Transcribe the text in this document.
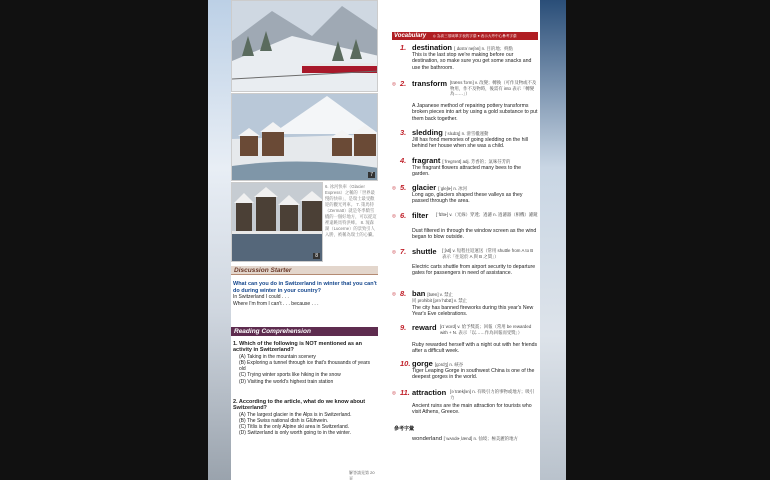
7
8
6. 冰河快車（Glacier Express）之稱的「世界最慢的快車」，是瑞士最受歡迎的觀光列車。 7. 策馬特（Zermatt）就是冬季騎雪橇的一個好地方，可以從這裡遠眺馬特洪峰。 8. 琉森湖（Lucerne）的景致引人入勝，被稱為瑞士的心臟。
Discussion Starter
What can you do in Switzerland in winter that you can't do during winter in your country?
In Switzerland I could . . .
Where I'm from I can't . . . because . . .
Reading Comprehension
1. Which of the following is NOT mentioned as an activity in Switzerland?
(A) Taking in the mountain scenery
(B) Exploring a tunnel through ice that's thousands of years old
(C) Trying winter sports like hiking in the snow
(D) Visiting the world's highest train station
2. According to the article, what do we know about Switzerland?
(A) The largest glacier in the Alps is in Switzerland.
(B) The Swiss national dish is Glühwein.
(C) Titlis is the only Alpine ski area in Switzerland.
(D) Switzerland is only worth going to in the winter.
解答請見第 20 頁
Vocabulary ◎ 為高三領域單字表的字彙 ● 表示大考中心參考字彙
1. destination [ˌdɛstəˈneʃən] n. 目的地；終點
This is the last stop we're making before our destination, so make sure you get some snacks and use the bathroom.
◎ 2. transform [trænsˈfɔrm] v. 改變；轉換（可作及物或不及物用，作不及物時，後需有 into 表示「轉變為……」）
A Japanese method of repairing pottery transforms broken pieces into art by using a gold substance to put them back together.
3. sledding [ˈslɛdɪŋ] n. 滑雪橇運動
Jill has fond memories of going sledding on the hill behind her house when she was a child.
4. fragrant [ˈfregrənt] adj. 芳香的；氣味芬芳的
The fragrant flowers attracted many bees to the garden.
◎ 5. glacier [ˈgleʃɚ] n. 冰河
Long ago, glaciers shaped these valleys as they passed through the area.
◎ 6. filter [ˈfɪltɚ] v.（光線）穿透；過濾 n. 過濾器（相機）濾鏡
Dust filtered in through the window screen as the wind began to blow outside.
◎ 7. shuttle [ˈʃʌtḷ] v. 短程往返運送（常用 shuttle from A to B 表示「往返於 A 與 B 之間」）
Electric carts shuttle from airport security to departure gates for passengers in need of assistance.
◎ 8. ban [bæn] v. 禁止
同 prohibit [prəˈhɪbɪt] v. 禁止
The city has banned fireworks during this year's New Year's Eve celebrations.
9. reward [rɪˈwɔrd] v. 給予獎賞；回報（常用 be rewarded with + N. 表示「以……作為回報而受獎」）
Ruby rewarded herself with a night out with her friends after a difficult week.
10. gorge [gɔrdʒ] n. 峽谷
Tiger Leaping Gorge in southwest China is one of the deepest gorges in the world.
◎ 11. attraction [əˈtrækʃən] n. 有吸引力的事物或地方；吸引力
Ancient ruins are the main attraction for tourists who visit Athens, Greece.
參考字彙
wonderland [ˈwʌndɚˌlænd] n. 仙境；極美麗的地方
